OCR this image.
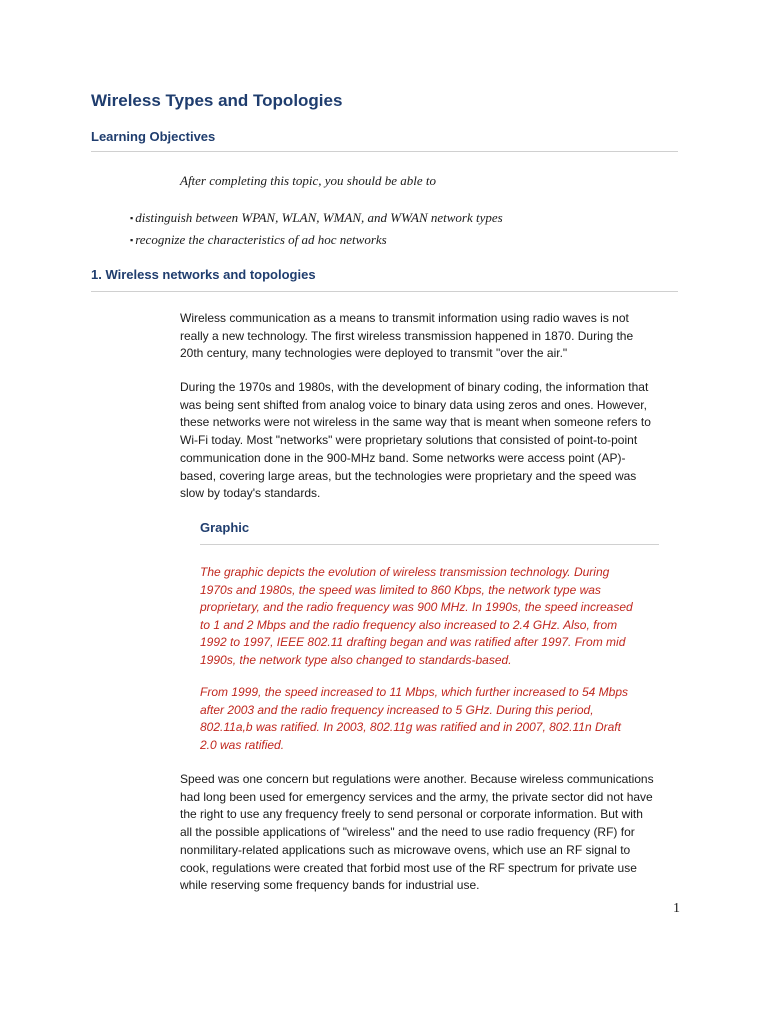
Wireless Types and Topologies
Learning Objectives
After completing this topic, you should be able to
▪ distinguish between WPAN, WLAN, WMAN, and WWAN network types
▪ recognize the characteristics of ad hoc networks
1. Wireless networks and topologies

Wireless communication as a means to transmit information using radio waves is not
really a new technology. The first wireless transmission happened in 1870. During the
20th century, many technologies were deployed to transmit "over the air."

During the 1970s and 1980s, with the development of binary coding, the information that
was being sent shifted from analog voice to binary data using zeros and ones. However,
these networks were not wireless in the same way that is meant when someone refers to
Wi-Fi today. Most "networks" were proprietary solutions that consisted of point-to-point
communication done in the 900-MHz band. Some networks were access point (AP)-
based, covering large areas, but the technologies were proprietary and the speed was
slow by today's standards.

Graphic

The graphic depicts the evolution of wireless transmission technology. During
1970s and 1980s, the speed was limited to 860 Kbps, the network type was
proprietary, and the radio frequency was 900 MHz. In 1990s, the speed increased
to 1 and 2 Mbps and the radio frequency also increased to 2.4 GHz. Also, from
1992 to 1997, IEEE 802.11 drafting began and was ratified after 1997. From mid
1990s, the network type also changed to standards-based.

From 1999, the speed increased to 11 Mbps, which further increased to 54 Mbps
after 2003 and the radio frequency increased to 5 GHz. During this period,
802.11a,b was ratified. In 2003, 802.11g was ratified and in 2007, 802.11n Draft
2.0 was ratified.

Speed was one concern but regulations were another. Because wireless communications
had long been used for emergency services and the army, the private sector did not have
the right to use any frequency freely to send personal or corporate information. But with
all the possible applications of "wireless" and the need to use radio frequency (RF) for
nonmilitary-related applications such as microwave ovens, which use an RF signal to
cook, regulations were created that forbid most use of the RF spectrum for private use
while reserving some frequency bands for industrial use.

1
